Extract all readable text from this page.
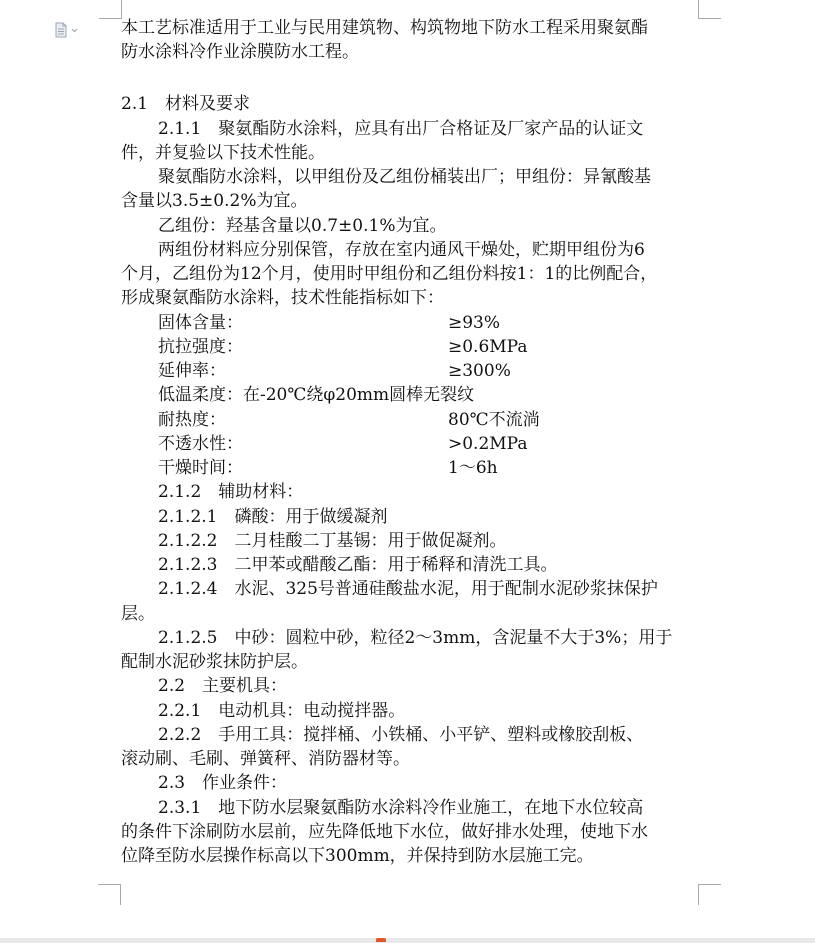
本工艺标准适用于工业与民用建筑物、构筑物地下防水工程采用聚氨酯
防水涂料冷作业涂膜防水工程。
2.1　材料及要求
2.1.1　聚氨酯防水涂料，应具有出厂合格证及厂家产品的认证文
件，并复验以下技术性能。
聚氨酯防水涂料，以甲组份及乙组份桶装出厂；甲组份：异氰酸基
含量以3.5±0.2%为宜。
乙组份：羟基含量以0.7±0.1%为宜。
两组份材料应分别保管，存放在室内通风干燥处，贮期甲组份为6
个月，乙组份为12个月，使用时甲组份和乙组份料按1：1的比例配合，
形成聚氨酯防水涂料，技术性能指标如下：
固体含量：	≥93%
抗拉强度：	≥0.6MPa
延伸率：	≥300%
低温柔度：在-20℃绕φ20mm圆棒无裂纹
耐热度：	80℃不流淌
不透水性：	>0.2MPa
干燥时间：	1～6h
2.1.2　辅助材料：
2.1.2.1　磷酸：用于做缓凝剂
2.1.2.2　二月桂酸二丁基锡：用于做促凝剂。
2.1.2.3　二甲苯或醋酸乙酯：用于稀释和清洗工具。
2.1.2.4　水泥、325号普通硅酸盐水泥，用于配制水泥砂浆抹保护
层。
2.1.2.5　中砂：圆粒中砂，粒径2～3mm，含泥量不大于3%；用于
配制水泥砂浆抹防护层。
2.2　主要机具：
2.2.1　电动机具：电动搅拌器。
2.2.2　手用工具：搅拌桶、小铁桶、小平铲、塑料或橡胶刮板、
滚动刷、毛刷、弹簧秤、消防器材等。
2.3　作业条件：
2.3.1　地下防水层聚氨酯防水涂料冷作业施工，在地下水位较高
的条件下涂刷防水层前，应先降低地下水位，做好排水处理，使地下水
位降至防水层操作标高以下300mm，并保持到防水层施工完。
